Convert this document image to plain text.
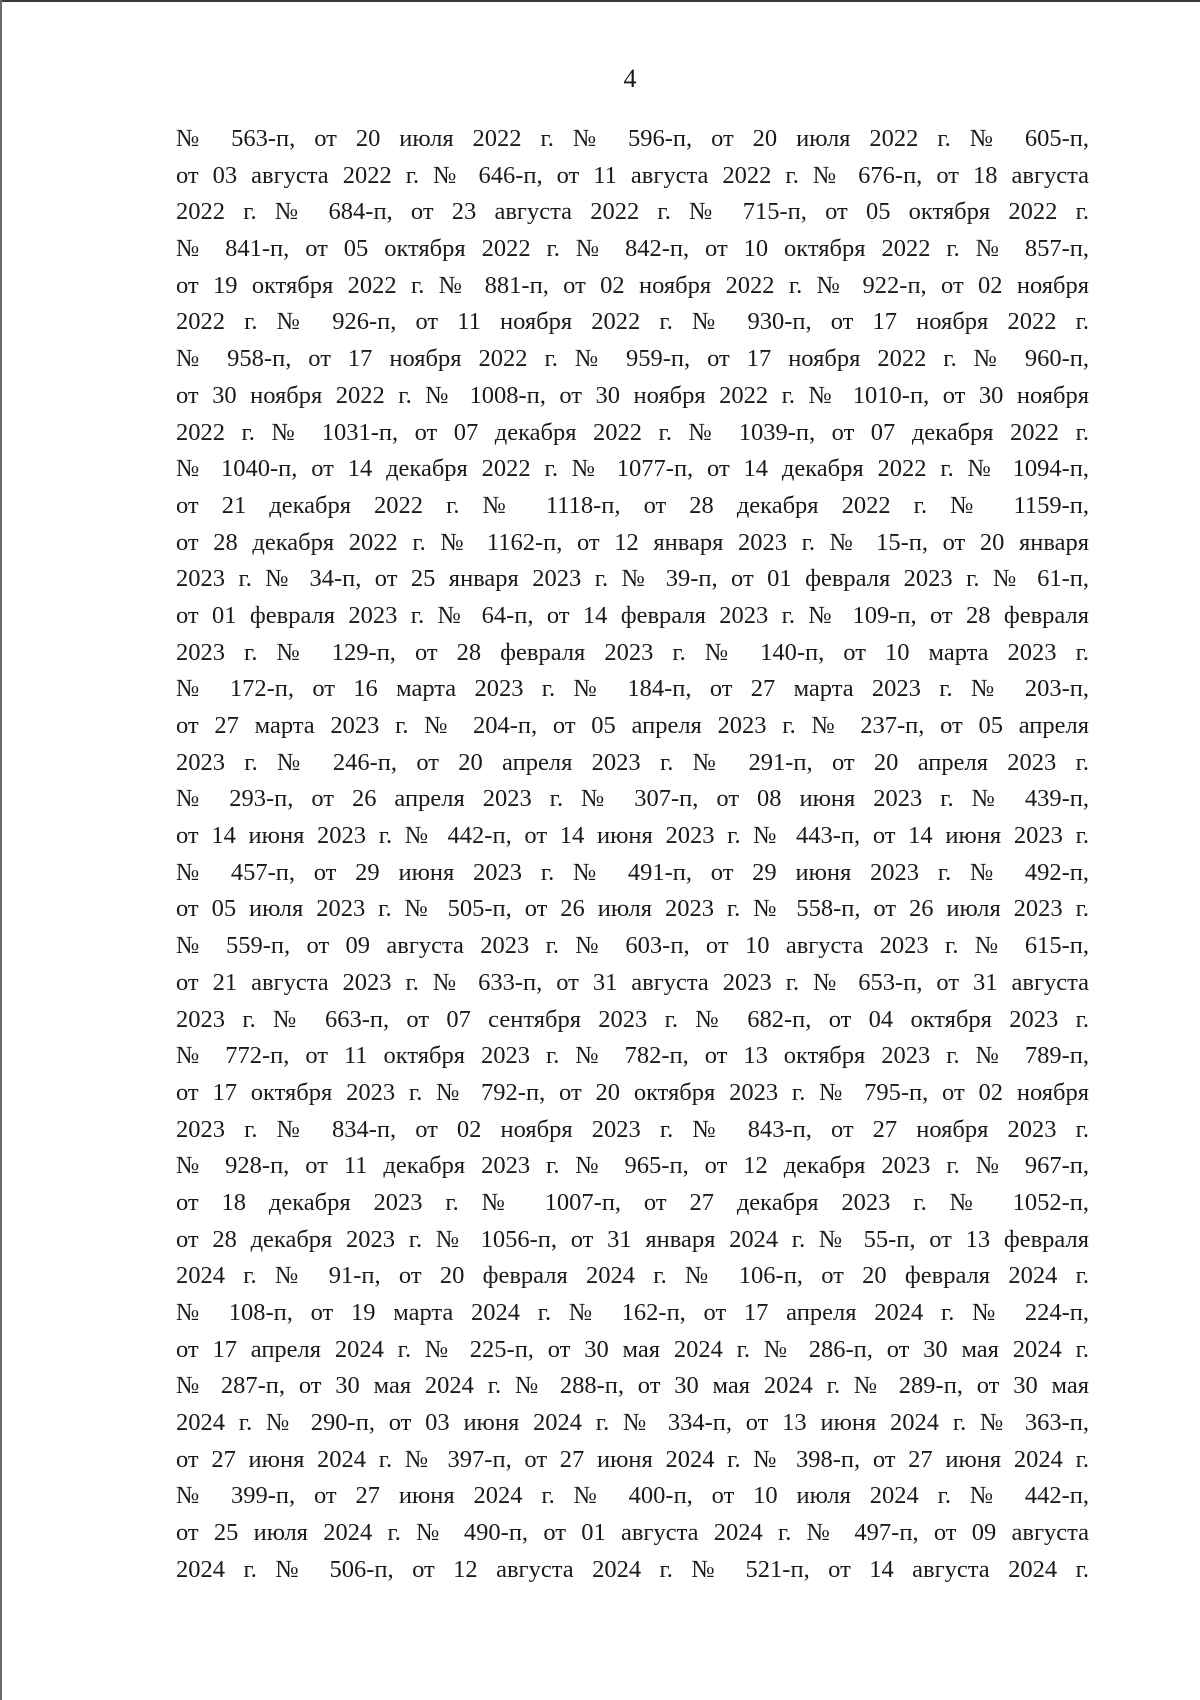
4
№ 563-п, от 20 июля 2022 г. № 596-п, от 20 июля 2022 г. № 605-п,
от 03 августа 2022 г. № 646-п, от 11 августа 2022 г. № 676-п, от 18 августа
2022 г. № 684-п, от 23 августа 2022 г. № 715-п, от 05 октября 2022 г.
№ 841-п, от 05 октября 2022 г. № 842-п, от 10 октября 2022 г. № 857-п,
от 19 октября 2022 г. № 881-п, от 02 ноября 2022 г. № 922-п, от 02 ноября
2022 г. № 926-п, от 11 ноября 2022 г. № 930-п, от 17 ноября 2022 г.
№ 958-п, от 17 ноября 2022 г. № 959-п, от 17 ноября 2022 г. № 960-п,
от 30 ноября 2022 г. № 1008-п, от 30 ноября 2022 г. № 1010-п, от 30 ноября
2022 г. № 1031-п, от 07 декабря 2022 г. № 1039-п, от 07 декабря 2022 г.
№ 1040-п, от 14 декабря 2022 г. № 1077-п, от 14 декабря 2022 г. № 1094-п,
от 21 декабря 2022 г. № 1118-п, от 28 декабря 2022 г. № 1159-п,
от 28 декабря 2022 г. № 1162-п, от 12 января 2023 г. № 15-п, от 20 января
2023 г. № 34-п, от 25 января 2023 г. № 39-п, от 01 февраля 2023 г. № 61-п,
от 01 февраля 2023 г. № 64-п, от 14 февраля 2023 г. № 109-п, от 28 февраля
2023 г. № 129-п, от 28 февраля 2023 г. № 140-п, от 10 марта 2023 г.
№ 172-п, от 16 марта 2023 г. № 184-п, от 27 марта 2023 г. № 203-п,
от 27 марта 2023 г. № 204-п, от 05 апреля 2023 г. № 237-п, от 05 апреля
2023 г. № 246-п, от 20 апреля 2023 г. № 291-п, от 20 апреля 2023 г.
№ 293-п, от 26 апреля 2023 г. № 307-п, от 08 июня 2023 г. № 439-п,
от 14 июня 2023 г. № 442-п, от 14 июня 2023 г. № 443-п, от 14 июня 2023 г.
№ 457-п, от 29 июня 2023 г. № 491-п, от 29 июня 2023 г. № 492-п,
от 05 июля 2023 г. № 505-п, от 26 июля 2023 г. № 558-п, от 26 июля 2023 г.
№ 559-п, от 09 августа 2023 г. № 603-п, от 10 августа 2023 г. № 615-п,
от 21 августа 2023 г. № 633-п, от 31 августа 2023 г. № 653-п, от 31 августа
2023 г. № 663-п, от 07 сентября 2023 г. № 682-п, от 04 октября 2023 г.
№ 772-п, от 11 октября 2023 г. № 782-п, от 13 октября 2023 г. № 789-п,
от 17 октября 2023 г. № 792-п, от 20 октября 2023 г. № 795-п, от 02 ноября
2023 г. № 834-п, от 02 ноября 2023 г. № 843-п, от 27 ноября 2023 г.
№ 928-п, от 11 декабря 2023 г. № 965-п, от 12 декабря 2023 г. № 967-п,
от 18 декабря 2023 г. № 1007-п, от 27 декабря 2023 г. № 1052-п,
от 28 декабря 2023 г. № 1056-п, от 31 января 2024 г. № 55-п, от 13 февраля
2024 г. № 91-п, от 20 февраля 2024 г. № 106-п, от 20 февраля 2024 г.
№ 108-п, от 19 марта 2024 г. № 162-п, от 17 апреля 2024 г. № 224-п,
от 17 апреля 2024 г. № 225-п, от 30 мая 2024 г. № 286-п, от 30 мая 2024 г.
№ 287-п, от 30 мая 2024 г. № 288-п, от 30 мая 2024 г. № 289-п, от 30 мая
2024 г. № 290-п, от 03 июня 2024 г. № 334-п, от 13 июня 2024 г. № 363-п,
от 27 июня 2024 г. № 397-п, от 27 июня 2024 г. № 398-п, от 27 июня 2024 г.
№ 399-п, от 27 июня 2024 г. № 400-п, от 10 июля 2024 г. № 442-п,
от 25 июля 2024 г. № 490-п, от 01 августа 2024 г. № 497-п, от 09 августа
2024 г. № 506-п, от 12 августа 2024 г. № 521-п, от 14 августа 2024 г.
